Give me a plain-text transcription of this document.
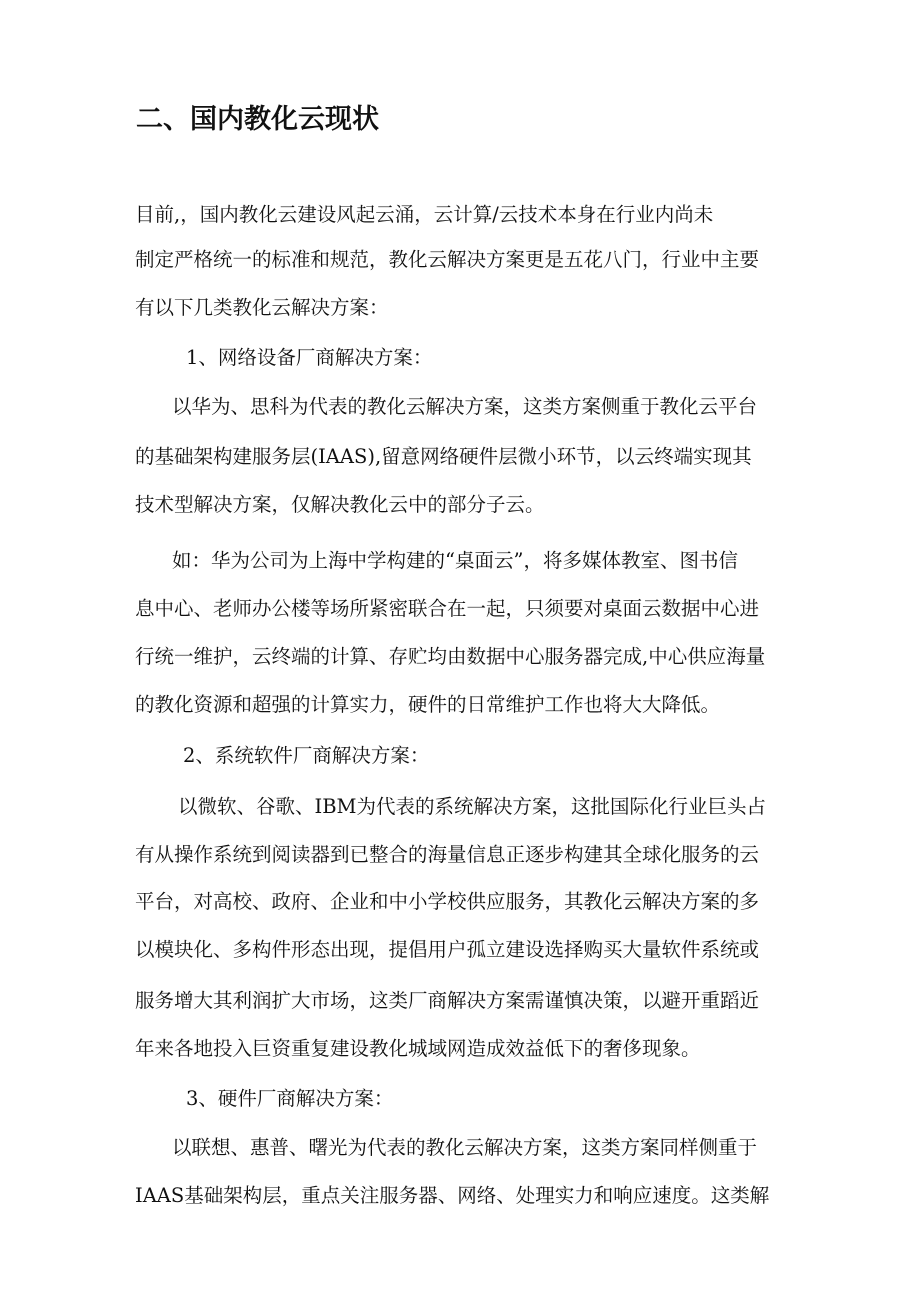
二、国内教化云现状
目前,，国内教化云建设风起云涌，云计算/云技术本身在行业内尚未
制定严格统一的标准和规范，教化云解决方案更是五花八门，行业中主要
有以下几类教化云解决方案：
1、网络设备厂商解决方案：
以华为、思科为代表的教化云解决方案，这类方案侧重于教化云平台
的基础架构建服务层(IAAS),留意网络硬件层微小环节，以云终端实现其
技术型解决方案，仅解决教化云中的部分子云。
如：华为公司为上海中学构建的“桌面云”，将多媒体教室、图书信
息中心、老师办公楼等场所紧密联合在一起，只须要对桌面云数据中心进
行统一维护，云终端的计算、存贮均由数据中心服务器完成,中心供应海量
的教化资源和超强的计算实力，硬件的日常维护工作也将大大降低。
2、系统软件厂商解决方案：
以微软、谷歌、IBM为代表的系统解决方案，这批国际化行业巨头占
有从操作系统到阅读器到已整合的海量信息正逐步构建其全球化服务的云
平台，对高校、政府、企业和中小学校供应服务，其教化云解决方案的多
以模块化、多构件形态出现，提倡用户孤立建设选择购买大量软件系统或
服务增大其利润扩大市场，这类厂商解决方案需谨慎决策，以避开重蹈近
年来各地投入巨资重复建设教化城域网造成效益低下的奢侈现象。
3、硬件厂商解决方案：
以联想、惠普、曙光为代表的教化云解决方案，这类方案同样侧重于
IAAS基础架构层，重点关注服务器、网络、处理实力和响应速度。这类解
